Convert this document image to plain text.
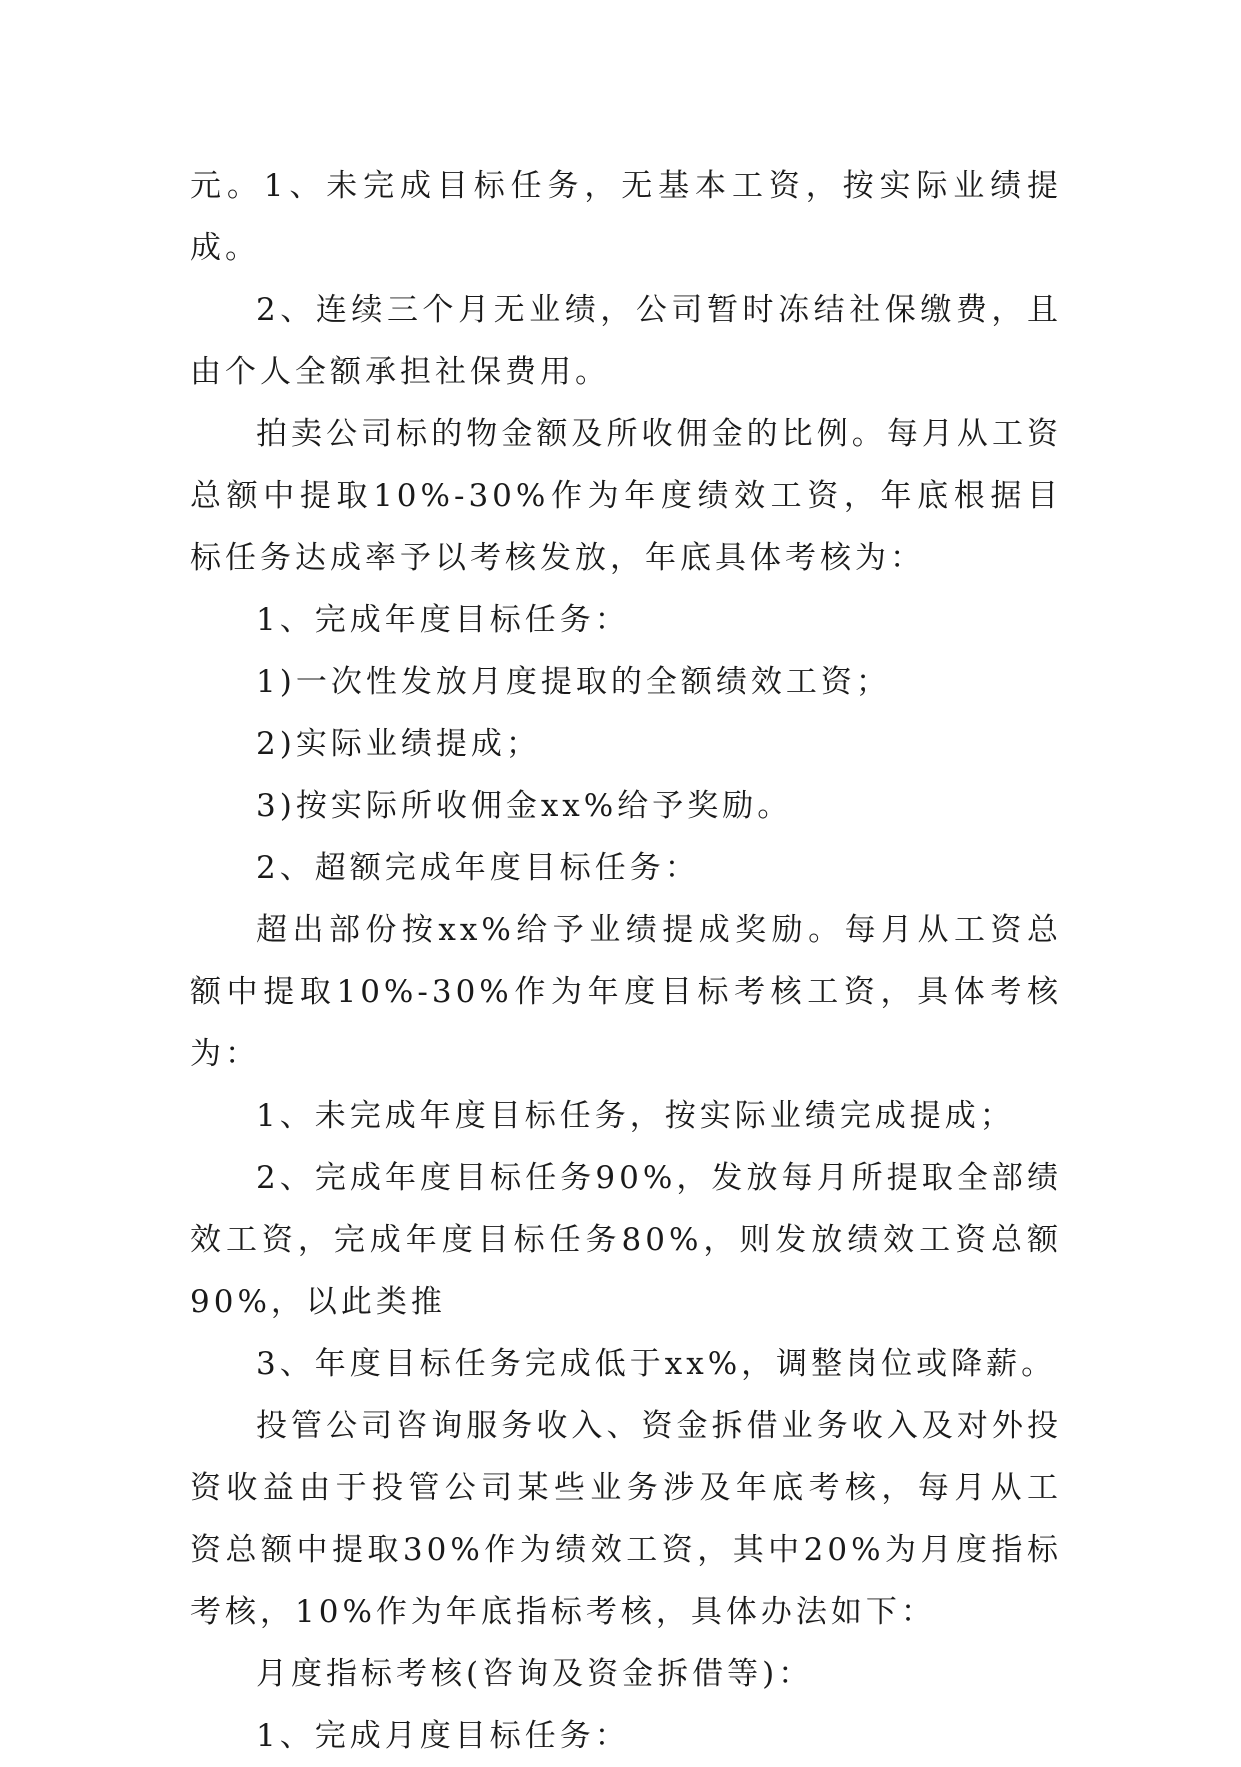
元。1、未完成目标任务，无基本工资，按实际业绩提成。

2、连续三个月无业绩，公司暂时冻结社保缴费，且由个人全额承担社保费用。

拍卖公司标的物金额及所收佣金的比例。每月从工资总额中提取10%-30%作为年度绩效工资，年底根据目标任务达成率予以考核发放，年底具体考核为：

1、完成年度目标任务：

1)一次性发放月度提取的全额绩效工资；

2)实际业绩提成；

3)按实际所收佣金xx%给予奖励。

2、超额完成年度目标任务：

超出部份按xx%给予业绩提成奖励。每月从工资总额中提取10%-30%作为年度目标考核工资，具体考核为：

1、未完成年度目标任务，按实际业绩完成提成；

2、完成年度目标任务90%，发放每月所提取全部绩效工资，完成年度目标任务80%，则发放绩效工资总额90%，以此类推

3、年度目标任务完成低于xx%，调整岗位或降薪。

投管公司咨询服务收入、资金拆借业务收入及对外投资收益由于投管公司某些业务涉及年底考核，每月从工资总额中提取30%作为绩效工资，其中20%为月度指标考核，10%作为年底指标考核，具体办法如下：

月度指标考核(咨询及资金拆借等)：

1、完成月度目标任务：
